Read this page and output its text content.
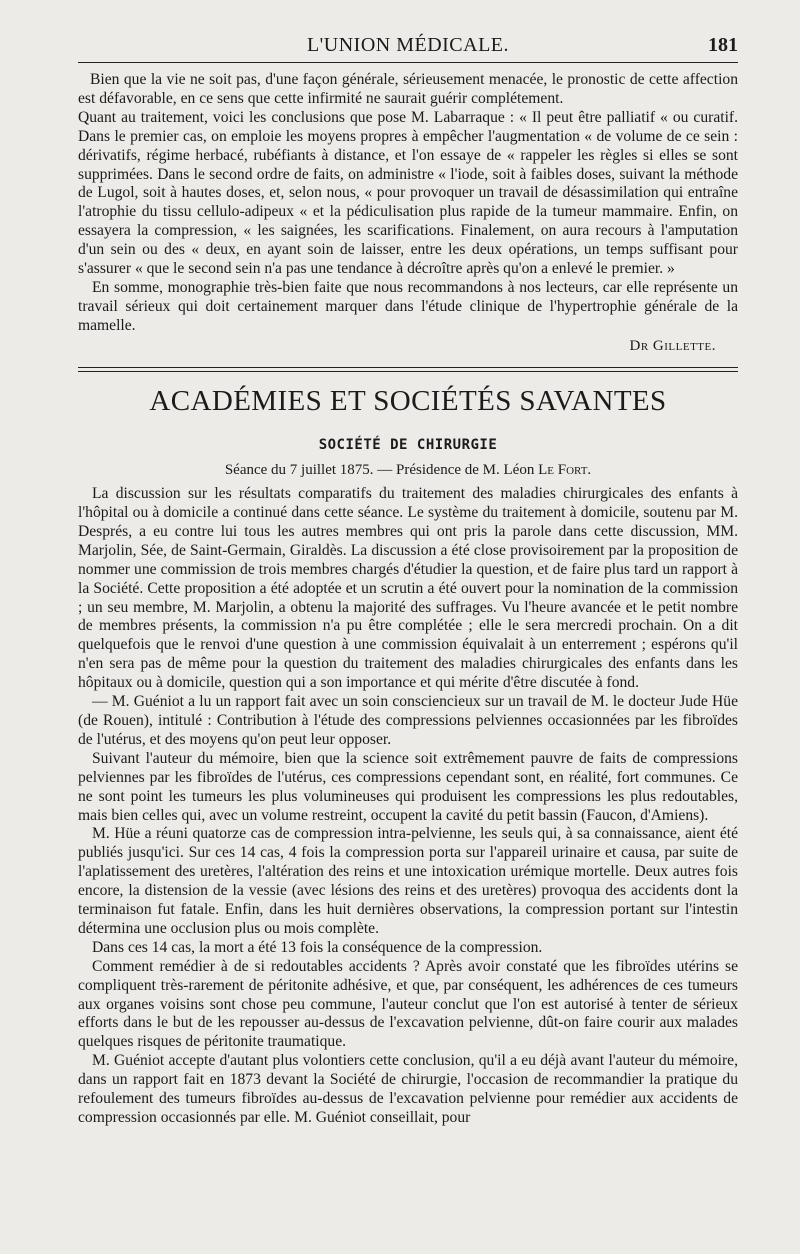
L'UNION MÉDICALE.	181

Bien que la vie ne soit pas, d'une façon générale, sérieusement menacée, le pronostic de cette affection est défavorable, en ce sens que cette infirmité ne saurait guérir complétement.

Quant au traitement, voici les conclusions que pose M. Labarraque : « Il peut être palliatif « ou curatif. Dans le premier cas, on emploie les moyens propres à empêcher l'augmentation « de volume de ce sein : dérivatifs, régime herbacé, rubéfiants à distance, et l'on essaye de « rappeler les règles si elles se sont supprimées. Dans le second ordre de faits, on administre « l'iode, soit à faibles doses, suivant la méthode de Lugol, soit à hautes doses, et, selon nous, « pour provoquer un travail de désassimilation qui entraîne l'atrophie du tissu cellulo-adipeux « et la pédiculisation plus rapide de la tumeur mammaire. Enfin, on essayera la compression, « les saignées, les scarifications. Finalement, on aura recours à l'amputation d'un sein ou des « deux, en ayant soin de laisser, entre les deux opérations, un temps suffisant pour s'assurer « que le second sein n'a pas une tendance à décroître après qu'on a enlevé le premier. »

En somme, monographie très-bien faite que nous recommandons à nos lecteurs, car elle représente un travail sérieux qui doit certainement marquer dans l'étude clinique de l'hypertrophie générale de la mamelle.

Dr Gillette.
ACADÉMIES ET SOCIÉTÉS SAVANTES
SOCIÉTÉ DE CHIRURGIE
Séance du 7 juillet 1875. — Présidence de M. Léon Le Fort.

La discussion sur les résultats comparatifs du traitement des maladies chirurgicales des enfants à l'hôpital ou à domicile a continué dans cette séance. Le système du traitement à domicile, soutenu par M. Després, a eu contre lui tous les autres membres qui ont pris la parole dans cette discussion, MM. Marjolin, Sée, de Saint-Germain, Giraldès. La discussion a été close provisoirement par la proposition de nommer une commission de trois membres chargés d'étudier la question, et de faire plus tard un rapport à la Société. Cette proposition a été adoptée et un scrutin a été ouvert pour la nomination de la commission ; un seu membre, M. Marjolin, a obtenu la majorité des suffrages. Vu l'heure avancée et le petit nombre de membres présents, la commission n'a pu être complétée ; elle le sera mercredi prochain. On a dit quelquefois que le renvoi d'une question à une commission équivalait à un enterrement ; espérons qu'il n'en sera pas de même pour la question du traitement des maladies chirurgicales des enfants dans les hôpitaux ou à domicile, question qui a son importance et qui mérite d'être discutée à fond.

— M. Guéniot a lu un rapport fait avec un soin consciencieux sur un travail de M. le docteur Jude Hüe (de Rouen), intitulé : Contribution à l'étude des compressions pelviennes occasionnées par les fibroïdes de l'utérus, et des moyens qu'on peut leur opposer.

Suivant l'auteur du mémoire, bien que la science soit extrêmement pauvre de faits de compressions pelviennes par les fibroïdes de l'utérus, ces compressions cependant sont, en réalité, fort communes. Ce ne sont point les tumeurs les plus volumineuses qui produisent les compressions les plus redoutables, mais bien celles qui, avec un volume restreint, occupent la cavité du petit bassin (Faucon, d'Amiens).

M. Hüe a réuni quatorze cas de compression intra-pelvienne, les seuls qui, à sa connaissance, aient été publiés jusqu'ici. Sur ces 14 cas, 4 fois la compression porta sur l'appareil urinaire et causa, par suite de l'aplatissement des uretères, l'altération des reins et une intoxication urémique mortelle. Deux autres fois encore, la distension de la vessie (avec lésions des reins et des uretères) provoqua des accidents dont la terminaison fut fatale. Enfin, dans les huit dernières observations, la compression portant sur l'intestin détermina une occlusion plus ou mois complète.

Dans ces 14 cas, la mort a été 13 fois la conséquence de la compression.

Comment remédier à de si redoutables accidents ? Après avoir constaté que les fibroïdes utérins se compliquent très-rarement de péritonite adhésive, et que, par conséquent, les adhérences de ces tumeurs aux organes voisins sont chose peu commune, l'auteur conclut que l'on est autorisé à tenter de sérieux efforts dans le but de les repousser au-dessus de l'excavation pelvienne, dût-on faire courir aux malades quelques risques de péritonite traumatique.

M. Guéniot accepte d'autant plus volontiers cette conclusion, qu'il a eu déjà avant l'auteur du mémoire, dans un rapport fait en 1873 devant la Société de chirurgie, l'occasion de recommandier la pratique du refoulement des tumeurs fibroïdes au-dessus de l'excavation pelvienne pour remédier aux accidents de compression occasionnés par elle. M. Guéniot conseillait, pour
